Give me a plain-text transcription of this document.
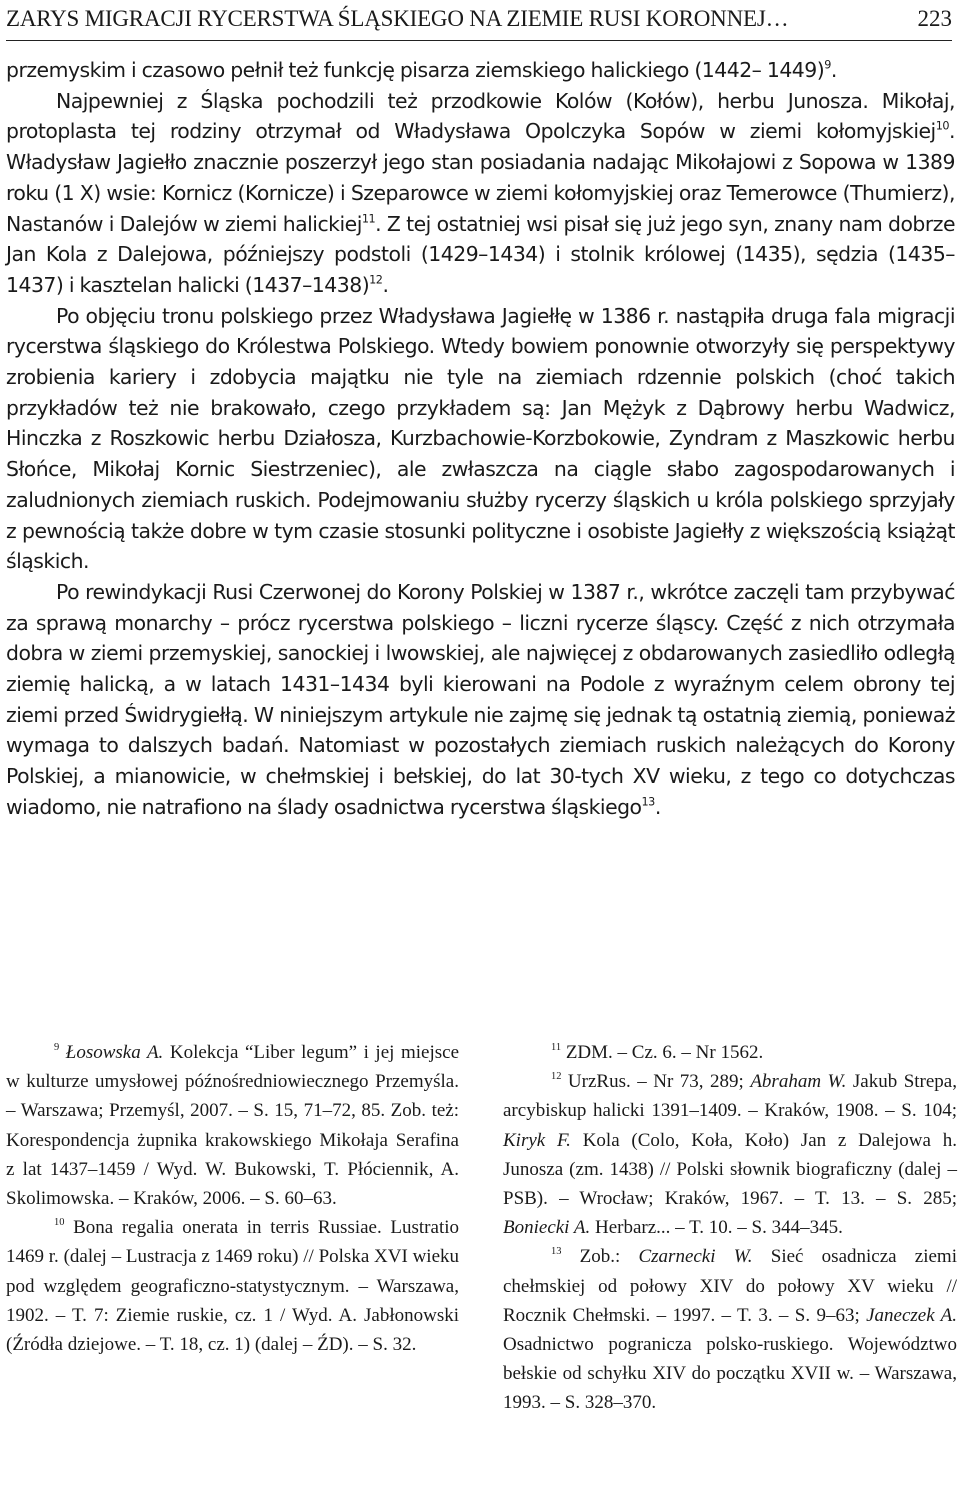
ZARYS MIGRACJI RYCERSTWA ŚLĄSKIEGO NA ZIEMIE RUSI KORONNEJ…	223

przemyskim i czasowo pełnił też funkcję pisarza ziemskiego halickiego (1442– 1449)$^9$.

Najpewniej z Śląska pochodzili też przodkowie Kolów (Kołów), herbu Junosza. Mikołaj, protoplasta tej rodziny otrzymał od Władysława Opolczyka Sopów w ziemi kołomyjskiej$^{10}$. Władysław Jagiełło znacznie poszerzył jego stan posiadania nadając Mikołajowi z Sopowa w 1389 roku (1 X) wsie: Kornicz (Kornicze) i Szeparowce w ziemi kołomyjskiej oraz Temerowce (Thumierz), Nastanów i Dalejów w ziemi halickiej$^{11}$. Z tej ostatniej wsi pisał się już jego syn, znany nam dobrze Jan Kola z Dalejowa, późniejszy podstoli (1429–1434) i stolnik królowej (1435), sędzia (1435–1437) i kasztelan halicki (1437–1438)$^{12}$.

Po objęciu tronu polskiego przez Władysława Jagiełłę w 1386 r. nastąpiła druga fala migracji rycerstwa śląskiego do Królestwa Polskiego. Wtedy bowiem ponownie otworzyły się perspektywy zrobienia kariery i zdobycia majątku nie tyle na ziemiach rdzennie polskich (choć takich przykładów też nie brakowało, czego przykładem są: Jan Mężyk z Dąbrowy herbu Wadwicz, Hinczka z Roszkowic herbu Działosza, Kurzbachowie-Korzbokowie, Zyndram z Maszkowic herbu Słońce, Mikołaj Kornic Siestrzeniec), ale zwłaszcza na ciągle słabo zagospodarowanych i zaludnionych ziemiach ruskich. Podejmowaniu służby rycerzy śląskich u króla polskiego sprzyjały z pewnością także dobre w tym czasie stosunki polityczne i osobiste Jagiełły z większością książąt śląskich.

Po rewindykacji Rusi Czerwonej do Korony Polskiej w 1387 r., wkrótce zaczęli tam przybywać za sprawą monarchy – prócz rycerstwa polskiego – liczni rycerze śląscy. Część z nich otrzymała dobra w ziemi przemyskiej, sanockiej i lwowskiej, ale najwięcej z obdarowanych zasiedliło odległą ziemię halicką, a w latach 1431–1434 byli kierowani na Podole z wyraźnym celem obrony tej ziemi przed Świdrygiełłą. W niniejszym artykule nie zajmę się jednak tą ostatnią ziemią, ponieważ wymaga to dalszych badań. Natomiast w pozostałych ziemiach ruskich należących do Korony Polskiej, a mianowicie, w chełmskiej i bełskiej, do lat 30-tych XV wieku, z tego co dotychczas wiadomo, nie natrafiono na ślady osadnictwa rycerstwa śląskiego$^{13}$.

$^9$ Łosowska A. Kolekcja “Liber legum” i jej miejsce w kulturze umysłowej późnośredniowiecznego Przemyśla. – Warszawa; Przemyśl, 2007. – S. 15, 71–72, 85. Zob. też: Korespondencja żupnika krakowskiego Mikołaja Serafina z lat 1437–1459 / Wyd. W. Bukowski, T. Płóciennik, A. Skolimowska. – Kraków, 2006. – S. 60–63.

$^{10}$ Bona regalia onerata in terris Russiae. Lustratio 1469 r. (dalej – Lustracja z 1469 roku) // Polska XVI wieku pod względem geograficzno-statystycznym. – Warszawa, 1902. – T. 7: Ziemie ruskie, cz. 1 / Wyd. A. Jabłonowski (Źródła dziejowe. – T. 18, cz. 1) (dalej – ŹD). – S. 32.

$^{11}$ ZDM. – Cz. 6. – Nr 1562.

$^{12}$ UrzRus. – Nr 73, 289; Abraham W. Jakub Strepa, arcybiskup halicki 1391–1409. – Kraków, 1908. – S. 104; Kiryk F. Kola (Colo, Koła, Koło) Jan z Dalejowa h. Junosza (zm. 1438) // Polski słownik biograficzny (dalej – PSB). – Wrocław; Kraków, 1967. – T. 13. – S. 285; Boniecki A. Herbarz... – T. 10. – S. 344–345.

$^{13}$ Zob.: Czarnecki W. Sieć osadnicza ziemi chełmskiej od połowy XIV do połowy XV wieku // Rocznik Chełmski. – 1997. – T. 3. – S. 9–63; Janeczek A. Osadnictwo pogranicza polsko-ruskiego. Województwo bełskie od schyłku XIV do początku XVII w. – Warszawa, 1993. – S. 328–370.
